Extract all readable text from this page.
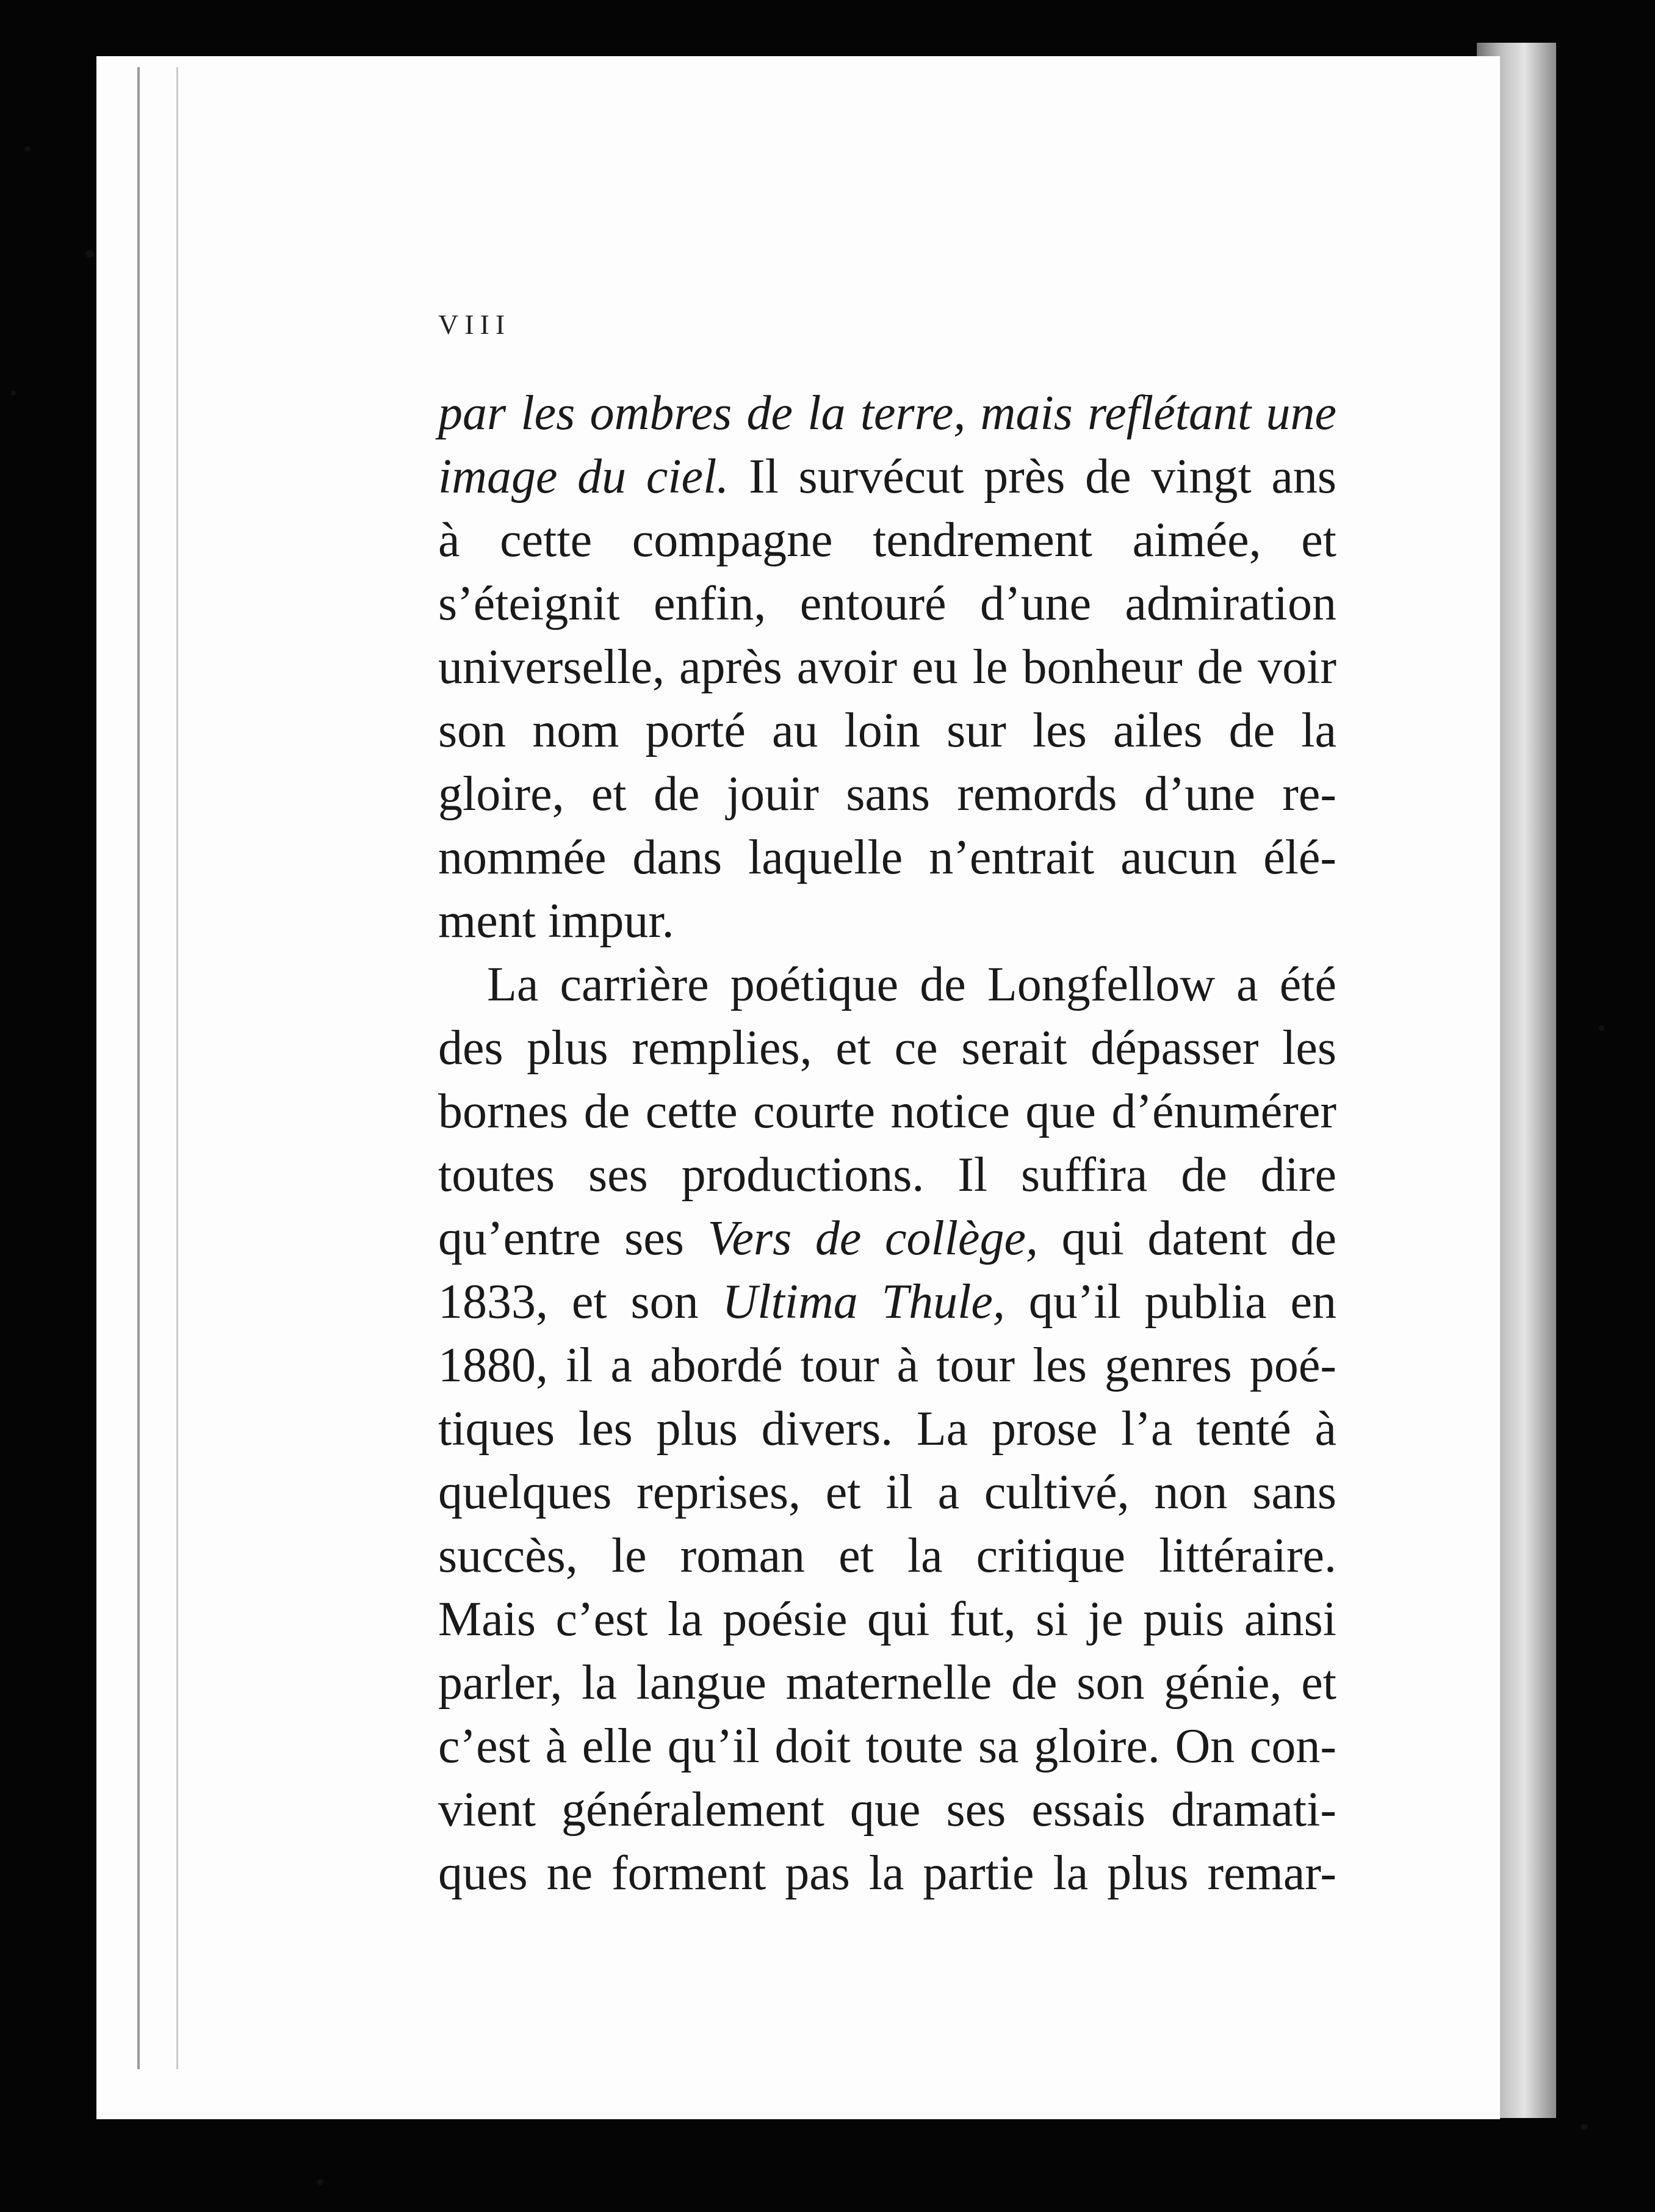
VIII
par les ombres de la terre, mais reflétant une
image du ciel. Il survécut près de vingt ans
à cette compagne tendrement aimée, et
s’éteignit enfin, entouré d’une admiration
universelle, après avoir eu le bonheur de voir
son nom porté au loin sur les ailes de la
gloire, et de jouir sans remords d’une re-
nommée dans laquelle n’entrait aucun élé-
ment impur.
La carrière poétique de Longfellow a été
des plus remplies, et ce serait dépasser les
bornes de cette courte notice que d’énumérer
toutes ses productions. Il suffira de dire
qu’entre ses Vers de collège, qui datent de
1833, et son Ultima Thule, qu’il publia en
1880, il a abordé tour à tour les genres poé-
tiques les plus divers. La prose l’a tenté à
quelques reprises, et il a cultivé, non sans
succès, le roman et la critique littéraire.
Mais c’est la poésie qui fut, si je puis ainsi
parler, la langue maternelle de son génie, et
c’est à elle qu’il doit toute sa gloire. On con-
vient généralement que ses essais dramati-
ques ne forment pas la partie la plus remar-
